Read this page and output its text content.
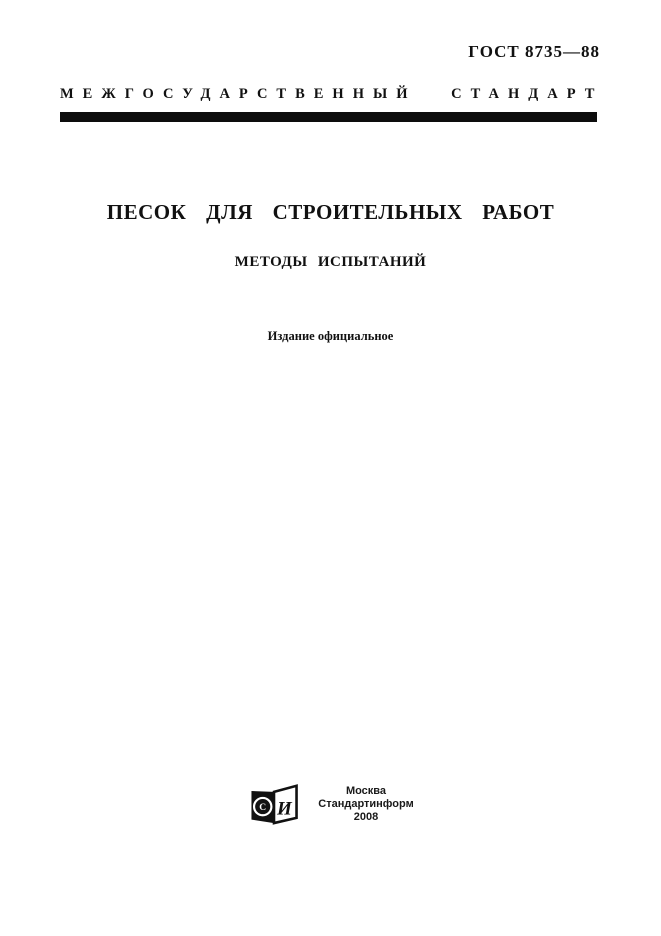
ГОСТ 8735—88
МЕЖГОСУДАРСТВЕННЫЙ СТАНДАРТ
ПЕСОК ДЛЯ СТРОИТЕЛЬНЫХ РАБОТ
МЕТОДЫ ИСПЫТАНИЙ
Издание официальное
С И
Москва
Стандартинформ
2008
